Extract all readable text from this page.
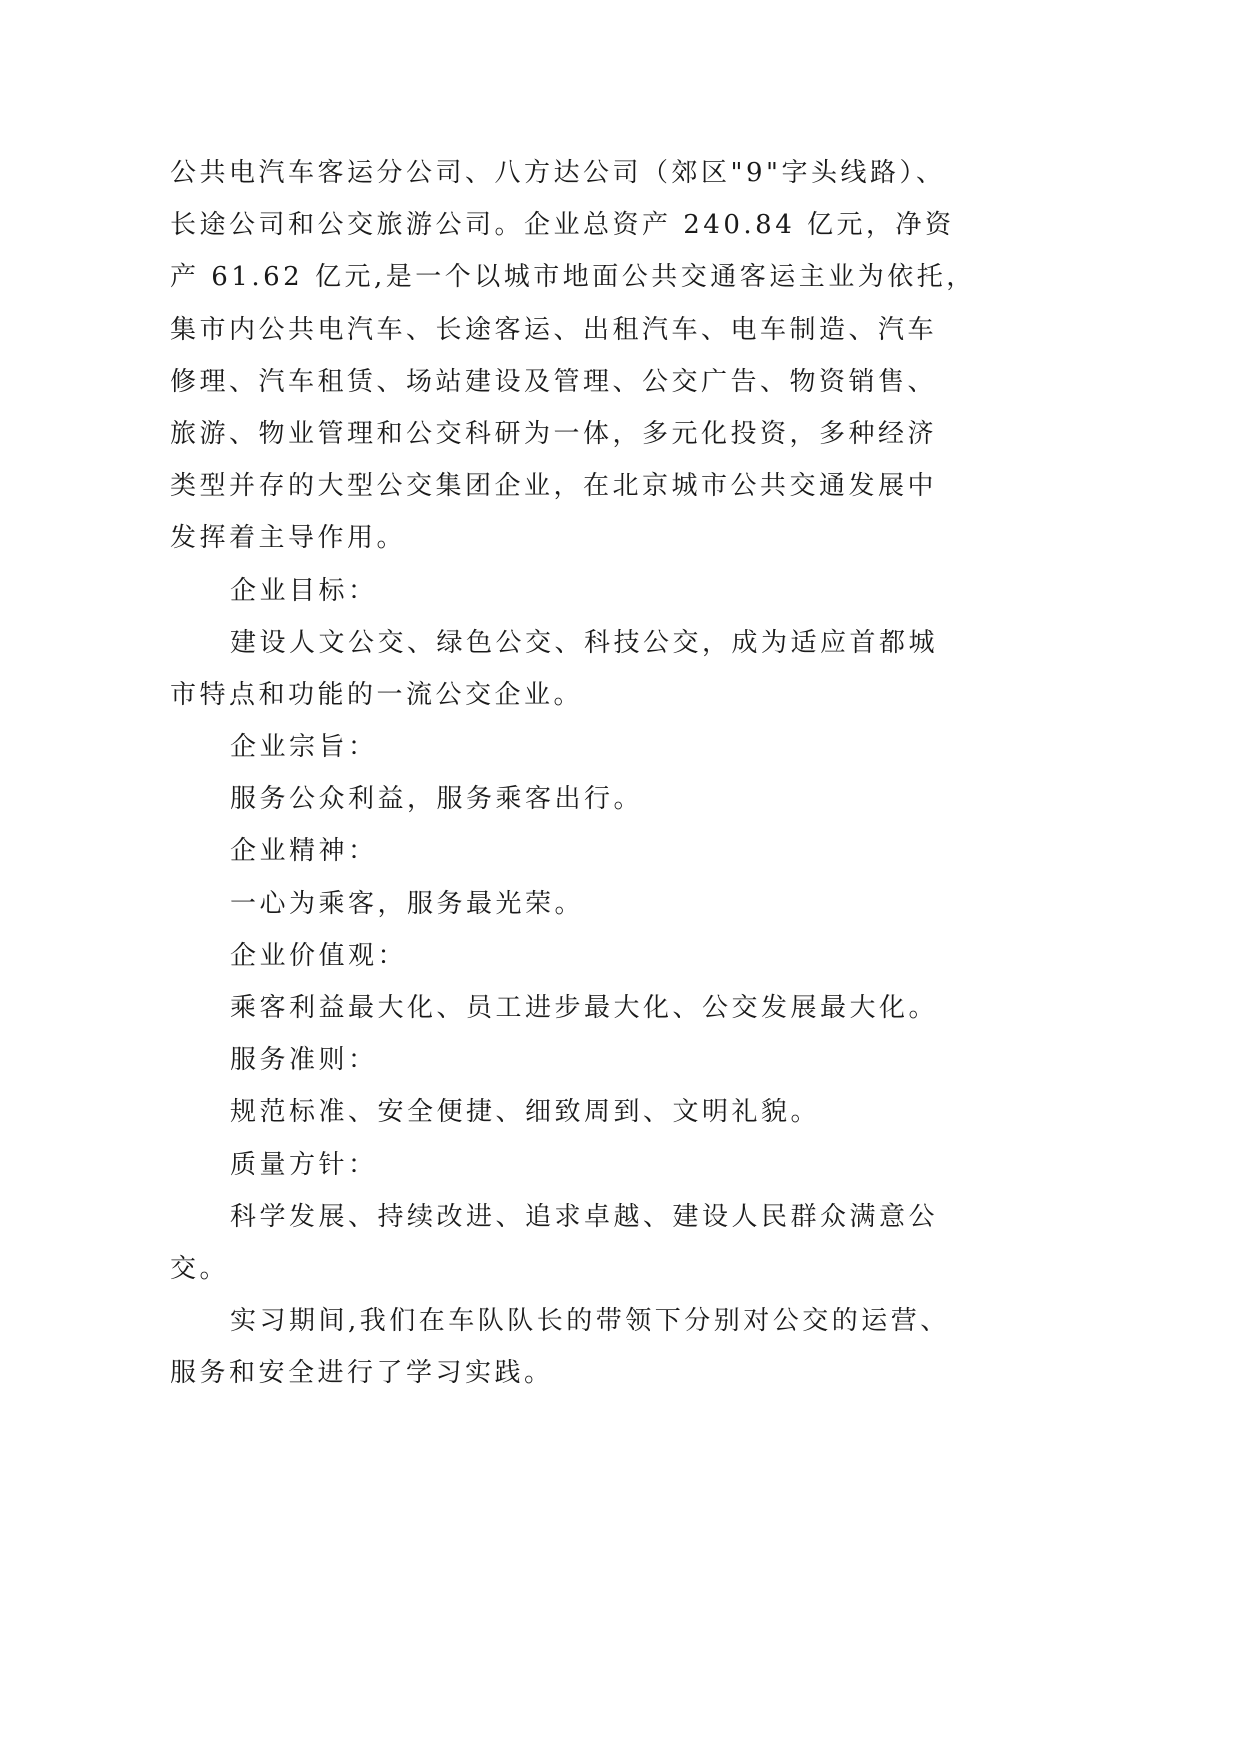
公共电汽车客运分公司、八方达公司（郊区"9"字头线路）、
长途公司和公交旅游公司。企业总资产 240.84 亿元，净资
产 61.62 亿元,是一个以城市地面公共交通客运主业为依托，
集市内公共电汽车、长途客运、出租汽车、电车制造、汽车
修理、汽车租赁、场站建设及管理、公交广告、物资销售、
旅游、物业管理和公交科研为一体，多元化投资，多种经济
类型并存的大型公交集团企业，在北京城市公共交通发展中
发挥着主导作用。
企业目标：
建设人文公交、绿色公交、科技公交，成为适应首都城
市特点和功能的一流公交企业。
企业宗旨：
服务公众利益，服务乘客出行。
企业精神：
一心为乘客，服务最光荣。
企业价值观：
乘客利益最大化、员工进步最大化、公交发展最大化。
服务准则：
规范标准、安全便捷、细致周到、文明礼貌。
质量方针：
科学发展、持续改进、追求卓越、建设人民群众满意公
交。
实习期间,我们在车队队长的带领下分别对公交的运营、
服务和安全进行了学习实践。
